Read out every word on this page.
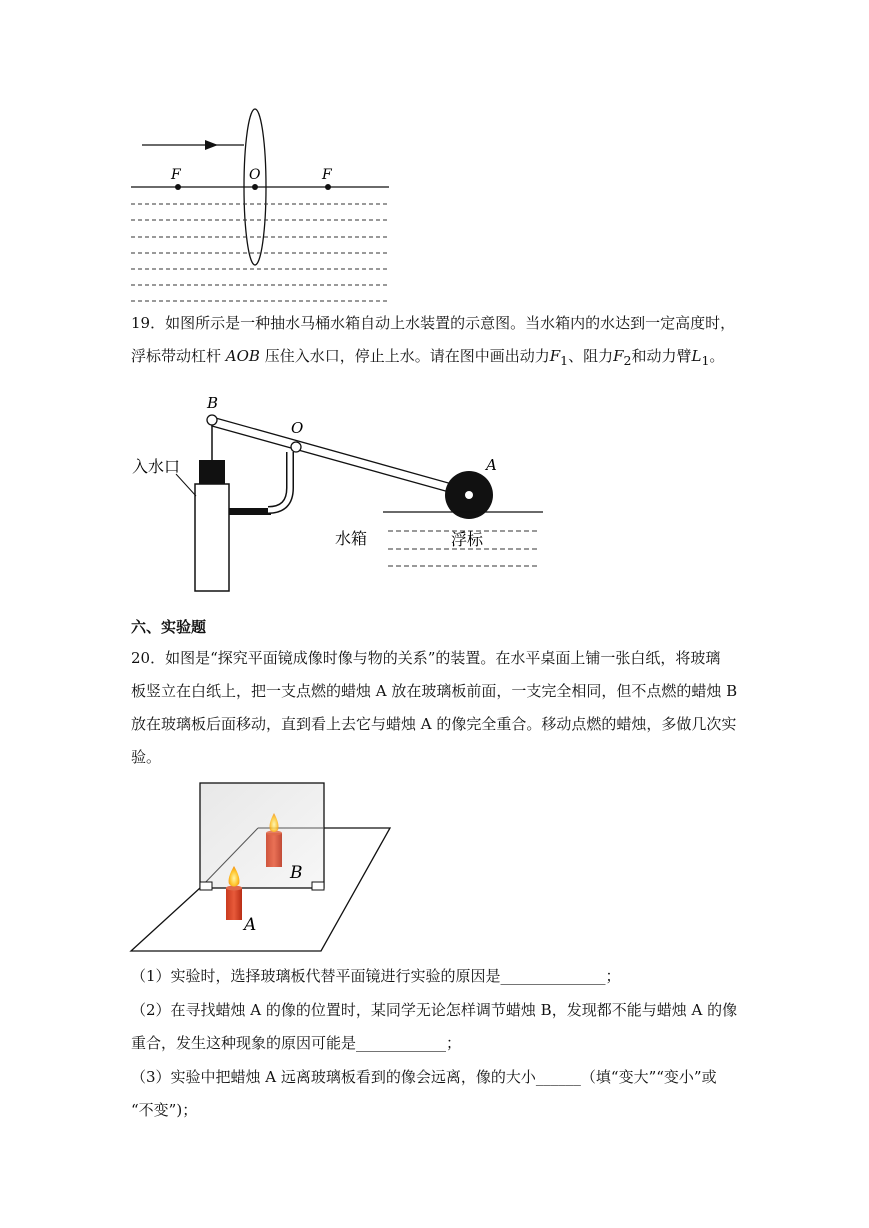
F	O	F
19．如图所示是一种抽水马桶水箱自动上水装置的示意图。当水箱内的水达到一定高度时，
浮标带动杠杆 AOB 压住入水口，停止上水。请在图中画出动力$F_1$、阻力$F_2$和动力臂$L_1$。
B
O
A
入水口
水箱	浮标
六、实验题
20．如图是“探究平面镜成像时像与物的关系”的装置。在水平桌面上铺一张白纸，将玻璃
板竖立在白纸上，把一支点燃的蜡烛 A 放在玻璃板前面，一支完全相同，但不点燃的蜡烛 B
放在玻璃板后面移动，直到看上去它与蜡烛 A 的像完全重合。移动点燃的蜡烛，多做几次实
验。
B
A
（1）实验时，选择玻璃板代替平面镜进行实验的原因是______________；
（2）在寻找蜡烛 A 的像的位置时，某同学无论怎样调节蜡烛 B，发现都不能与蜡烛 A 的像
重合，发生这种现象的原因可能是____________；
（3）实验中把蜡烛 A 远离玻璃板看到的像会远离，像的大小______（填“变大”“变小”或
“不变”)；
